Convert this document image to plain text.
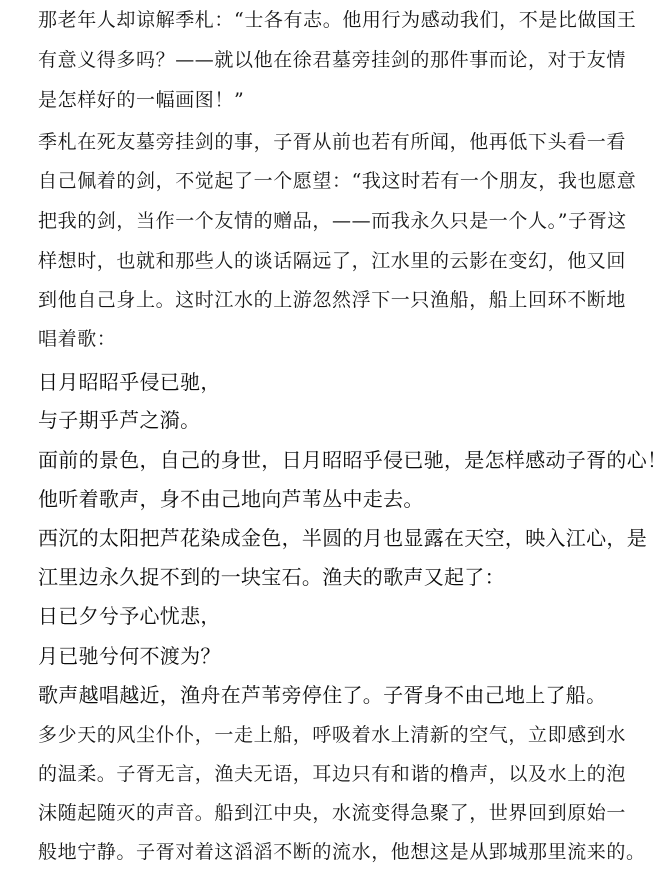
那老年人却谅解季札：“士各有志。他用行为感动我们，不是比做国王
有意义得多吗？——就以他在徐君墓旁挂剑的那件事而论，对于友情
是怎样好的一幅画图！”
季札在死友墓旁挂剑的事，子胥从前也若有所闻，他再低下头看一看
自己佩着的剑，不觉起了一个愿望：“我这时若有一个朋友，我也愿意
把我的剑，当作一个友情的赠品，——而我永久只是一个人。”子胥这
样想时，也就和那些人的谈话隔远了，江水里的云影在变幻，他又回
到他自己身上。这时江水的上游忽然浮下一只渔船，船上回环不断地
唱着歌：
日月昭昭乎侵已驰，
与子期乎芦之漪。
面前的景色，自己的身世，日月昭昭乎侵已驰，是怎样感动子胥的心！
他听着歌声，身不由己地向芦苇丛中走去。
西沉的太阳把芦花染成金色，半圆的月也显露在天空，映入江心，是
江里边永久捉不到的一块宝石。渔夫的歌声又起了：
日已夕兮予心忧悲，
月已驰兮何不渡为？
歌声越唱越近，渔舟在芦苇旁停住了。子胥身不由己地上了船。
多少天的风尘仆仆，一走上船，呼吸着水上清新的空气，立即感到水
的温柔。子胥无言，渔夫无语，耳边只有和谐的橹声，以及水上的泡
沫随起随灭的声音。船到江中央，水流变得急聚了，世界回到原始一
般地宁静。子胥对着这滔滔不断的流水，他想这是从郢城那里流来的。
